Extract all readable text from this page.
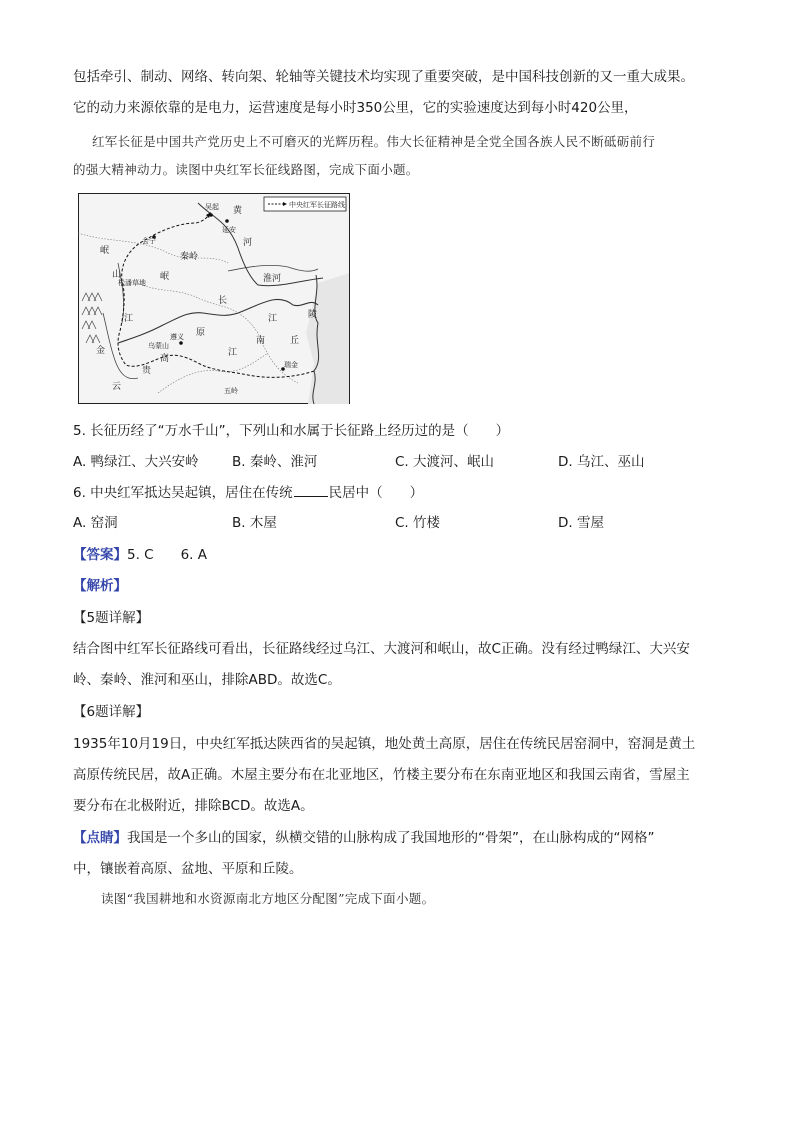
包括牵引、制动、网络、转向架、轮轴等关键技术均实现了重要突破，是中国科技创新的又一重大成果。
它的动力来源依靠的是电力，运营速度是每小时350公里，它的实验速度达到每小时420公里，
红军长征是中国共产党历史上不可磨灭的光辉历程。伟大长征精神是全党全国各族人民不断砥砺前行
的强大精神动力。读图中央红军长征线路图，完成下面小题。
中央红军长征路线
吴起
延安
会宁
黄
河
秦岭
淮河
岷
岷
山
松潘草地
江
江
江
金	乌蒙山
遵义 原
长
南	丘
陵
高
贵
云
瑞金
五岭
5. 长征历经了“万水千山”，下列山和水属于长征路上经历过的是（　　）
A. 鸭绿江、大兴安岭 B. 秦岭、淮河	C. 大渡河、岷山	D. 乌江、巫山
6. 中央红军抵达吴起镇，居住在传统	民居中（　　）
A. 窑洞	B. 木屋	C. 竹楼	D. 雪屋
【答案】5. C　　6. A
【解析】
【5题详解】
结合图中红军长征路线可看出，长征路线经过乌江、大渡河和岷山，故C正确。没有经过鸭绿江、大兴安
岭、秦岭、淮河和巫山，排除ABD。故选C。
【6题详解】
1935年10月19日，中央红军抵达陕西省的吴起镇，地处黄土高原，居住在传统民居窑洞中，窑洞是黄土
高原传统民居，故A正确。木屋主要分布在北亚地区，竹楼主要分布在东南亚地区和我国云南省，雪屋主
要分布在北极附近，排除BCD。故选A。
【点睛】我国是一个多山的国家，纵横交错的山脉构成了我国地形的“骨架”，在山脉构成的“网格”
中，镶嵌着高原、盆地、平原和丘陵。
读图“我国耕地和水资源南北方地区分配图”完成下面小题。
